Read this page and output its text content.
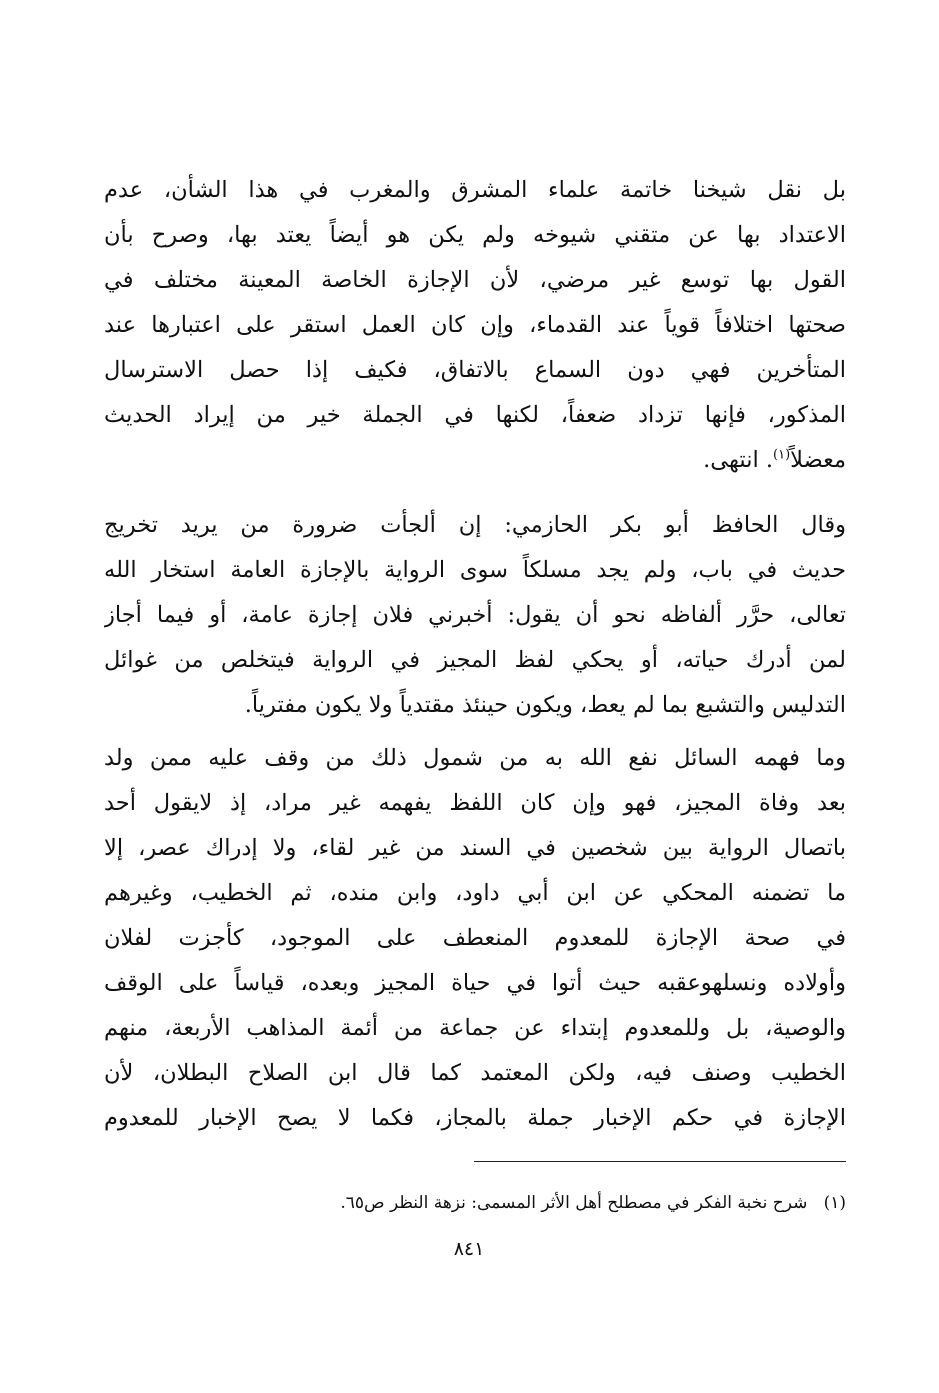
بل نقل شيخنا خاتمة علماء المشرق والمغرب في هذا الشأن، عدم
الاعتداد بها عن متقني شيوخه ولم يكن هو أيضاً يعتد بها، وصرح بأن
القول بها توسع غير مرضي، لأن الإجازة الخاصة المعينة مختلف في
صحتها اختلافاً قوياً عند القدماء، وإن كان العمل استقر على اعتبارها عند
المتأخرين فهي دون السماع بالاتفاق، فكيف إذا حصل الاسترسال
المذكور، فإنها تزداد ضعفاً، لكنها في الجملة خير من إيراد الحديث
معضلاً$^{(١)}$. انتهى.
وقال الحافظ أبو بكر الحازمي: إن ألجأت ضرورة من يريد تخريج
حديث في باب، ولم يجد مسلكاً سوى الرواية بالإجازة العامة استخار الله
تعالى، حرَّر ألفاظه نحو أن يقول: أخبرني فلان إجازة عامة، أو فيما أجاز
لمن أدرك حياته، أو يحكي لفظ المجيز في الرواية فيتخلص من غوائل
التدليس والتشبع بما لم يعط، ويكون حينئذ مقتدياً ولا يكون مفترياً.
وما فهمه السائل نفع الله به من شمول ذلك من وقف عليه ممن ولد
بعد وفاة المجيز، فهو وإن كان اللفظ يفهمه غير مراد، إذ لايقول أحد
باتصال الرواية بين شخصين في السند من غير لقاء، ولا إدراك عصر، إلا
ما تضمنه المحكي عن ابن أبي داود، وابن منده، ثم الخطيب، وغيرهم
في صحة الإجازة للمعدوم المنعطف على الموجود، كأجزت لفلان
وأولاده ونسلهوعقبه حيث أتوا في حياة المجيز وبعده، قياساً على الوقف
والوصية، بل وللمعدوم إبتداء عن جماعة من أئمة المذاهب الأربعة، منهم
الخطيب وصنف فيه، ولكن المعتمد كما قال ابن الصلاح البطلان، لأن
الإجازة في حكم الإخبار جملة بالمجاز، فكما لا يصح الإخبار للمعدوم
(١)   شرح نخبة الفكر في مصطلح أهل الأثر المسمى: نزهة النظر ص٦٥.
٨٤١
